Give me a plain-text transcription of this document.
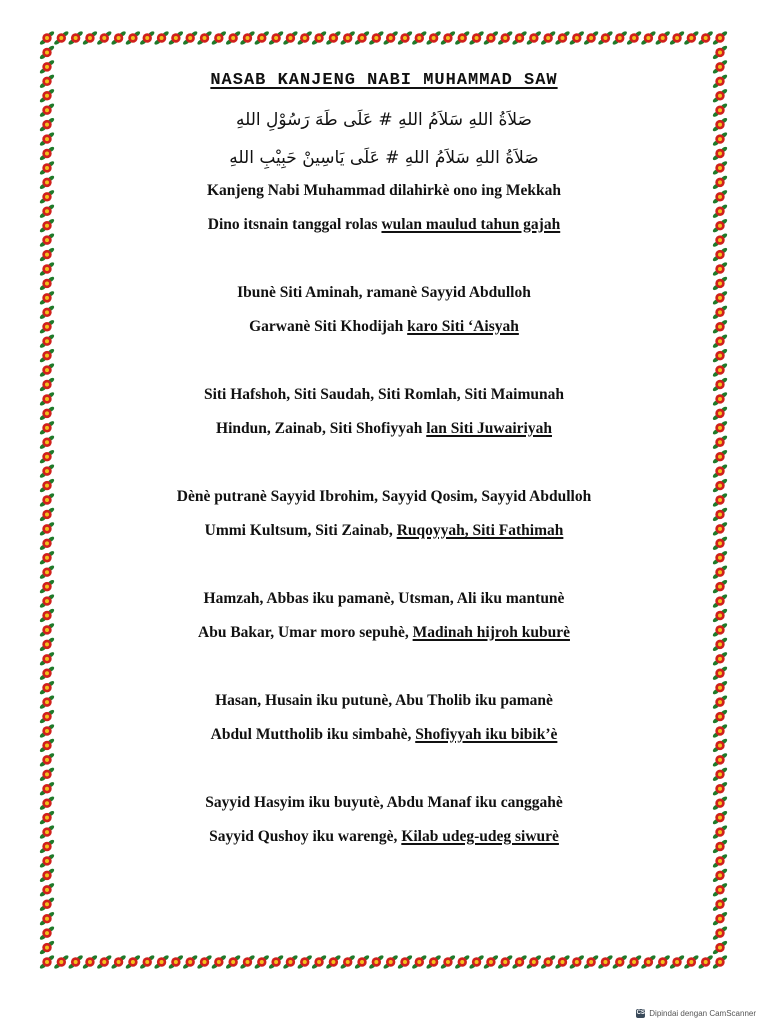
NASAB KANJENG NABI MUHAMMAD SAW
صَلاَةُ اللهِ سَلاَمُ اللهِ # عَلَى طَهَ رَسُوْلِ اللهِ
صَلاَةُ اللهِ سَلاَمُ اللهِ # عَلَى يَاسِينْ حَبِيْبِ اللهِ
Kanjeng Nabi Muhammad dilahirkè ono ing Mekkah
Dino itsnain tanggal rolas wulan maulud tahun gajah
Ibunè Siti Aminah, ramanè Sayyid Abdulloh
Garwanè Siti Khodijah karo Siti ‘Aisyah
Siti Hafshoh, Siti Saudah, Siti Romlah, Siti Maimunah
Hindun, Zainab, Siti Shofiyyah lan Siti Juwairiyah
Dènè putranè Sayyid Ibrohim, Sayyid Qosim, Sayyid Abdulloh
Ummi Kultsum, Siti Zainab, Ruqoyyah, Siti Fathimah
Hamzah, Abbas iku pamanè, Utsman, Ali iku mantunè
Abu Bakar, Umar moro sepuhè, Madinah hijroh kuburè
Hasan, Husain iku putunè, Abu Tholib iku pamanè
Abdul Muttholib iku simbahè, Shofiyyah iku bibik’è
Sayyid Hasyim iku buyutè, Abdu Manaf iku canggahè
Sayyid Qushoy iku warengè, Kilab udeg-udeg siwurè
CS Dipindai dengan CamScanner
